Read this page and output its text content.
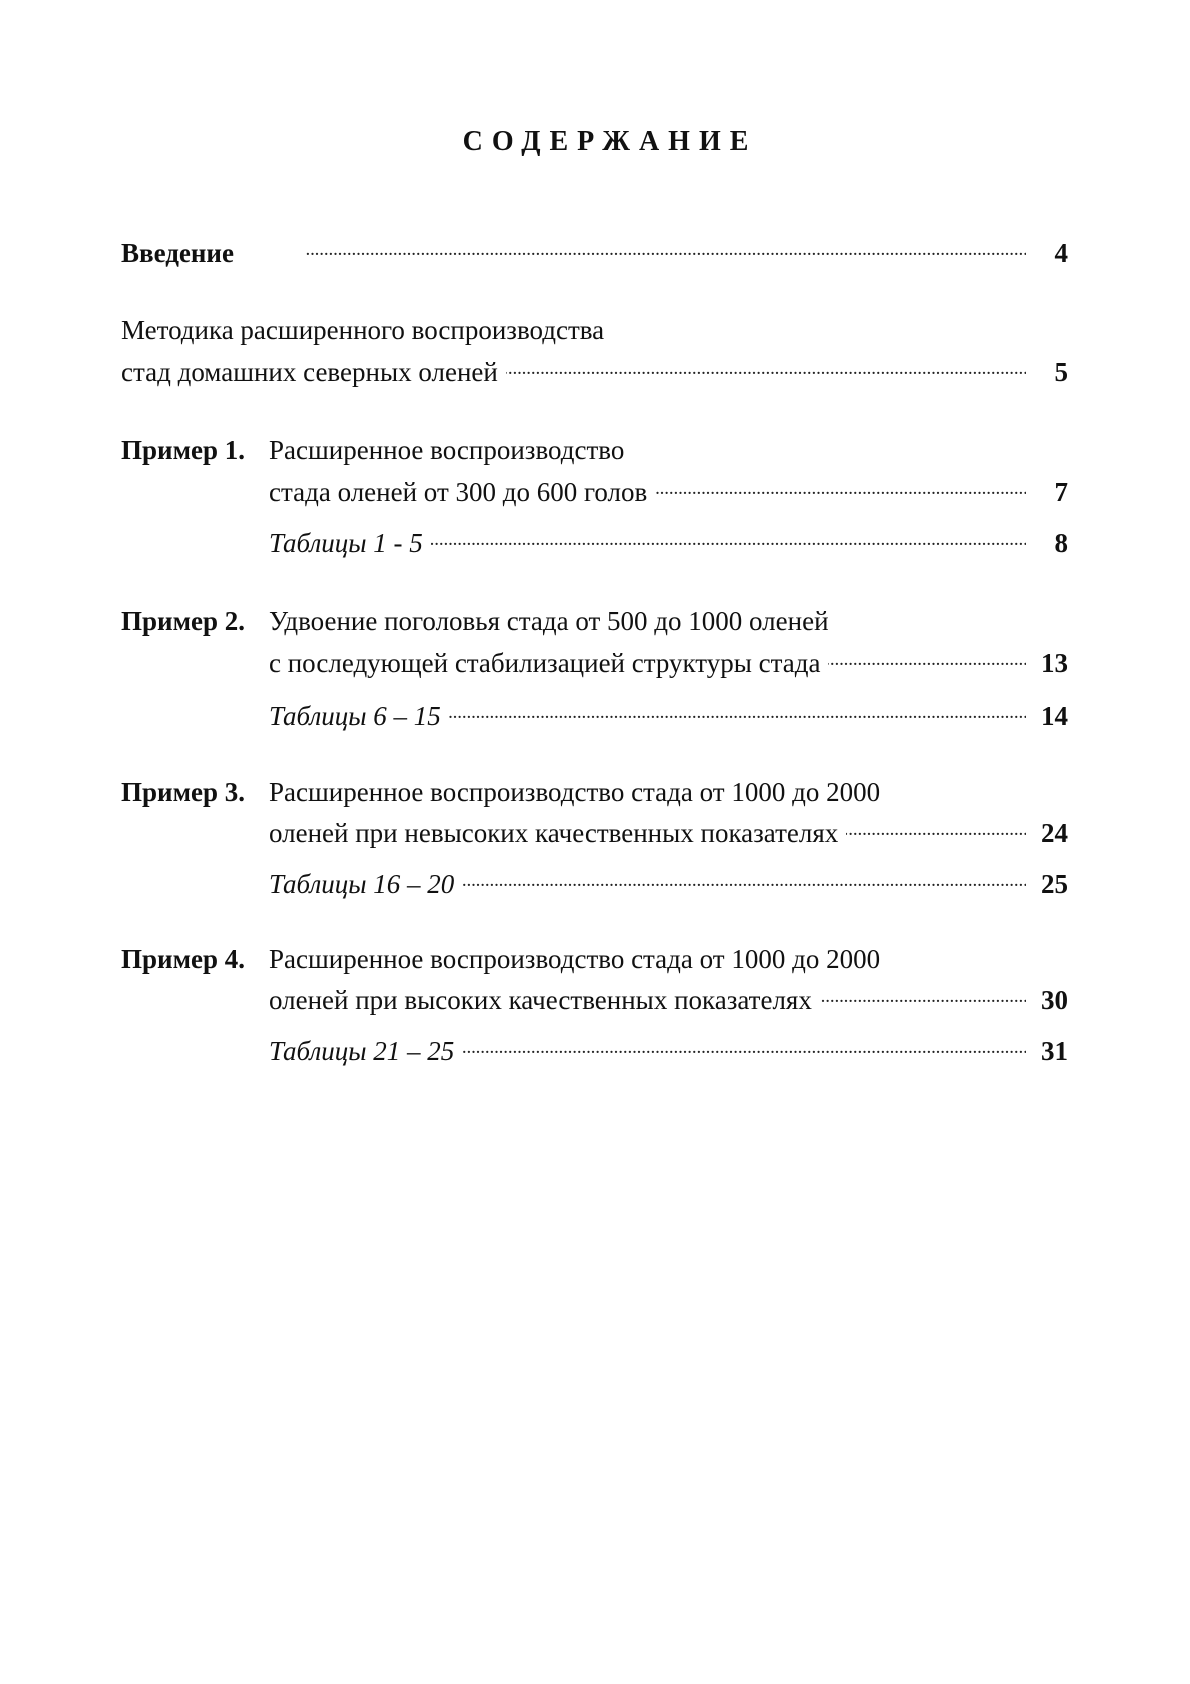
СОДЕРЖАНИЕ
Введение . . .	4
Методика расширенного воспроизводства
стад домашних северных оленей . . .	5
Пример 1. Расширенное воспроизводство
стада оленей от 300 до 600 голов . . .	7
Таблицы 1 - 5 . . .	8
Пример 2. Удвоение поголовья стада от 500 до 1000 оленей
с последующей стабилизацией структуры стада . . .	13
Таблицы 6 – 15 . . .	14
Пример 3. Расширенное воспроизводство стада от 1000 до 2000
оленей при невысоких качественных показателях . . .	24
Таблицы 16 – 20 . . .	25
Пример 4. Расширенное воспроизводство стада от 1000 до 2000
оленей при высоких качественных показателях . . .	30
Таблицы 21 – 25 . . .	31
